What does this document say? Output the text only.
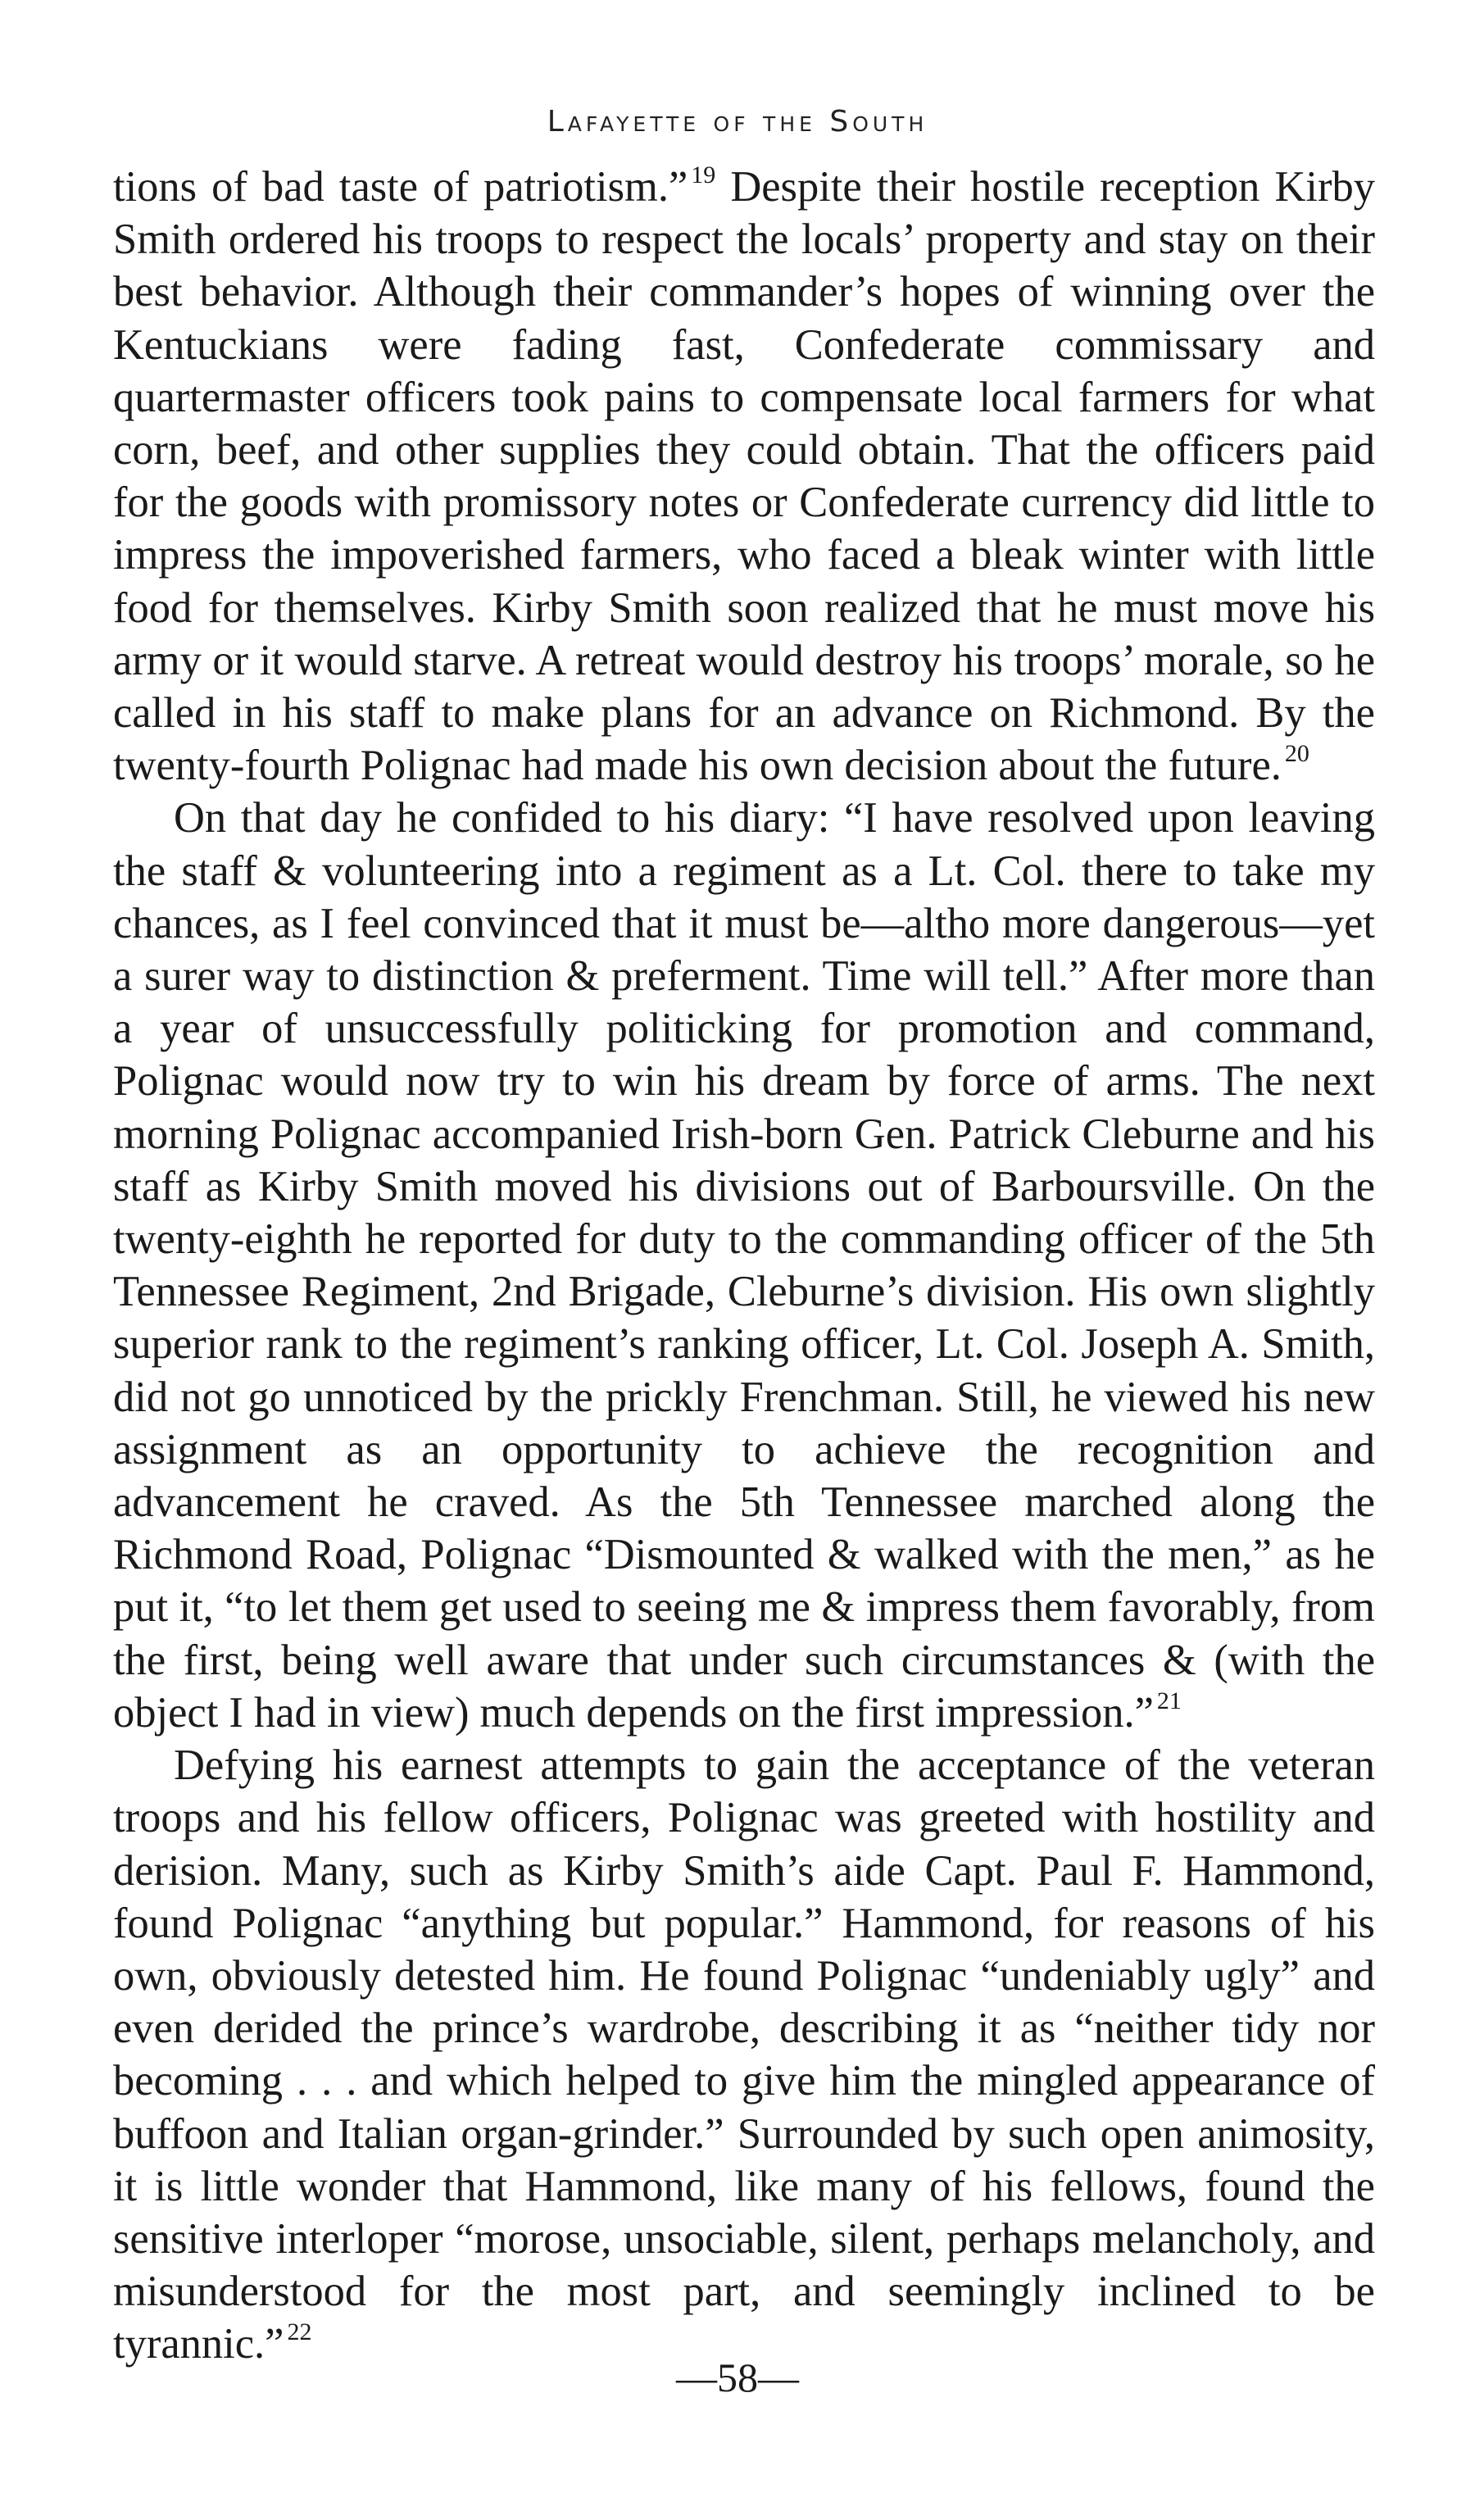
Lafayette of the South

tions of bad taste of patriotism.” $^{19}$ Despite their hostile reception Kirby Smith ordered his troops to respect the locals’ property and stay on their best behavior. Although their commander’s hopes of winning over the Kentuckians were fading fast, Confederate commissary and quartermaster officers took pains to compensate local farmers for what corn, beef, and other supplies they could obtain. That the officers paid for the goods with promissory notes or Confederate currency did little to impress the impoverished farmers, who faced a bleak winter with little food for themselves. Kirby Smith soon realized that he must move his army or it would starve. A retreat would destroy his troops’ morale, so he called in his staff to make plans for an advance on Richmond. By the twenty-fourth Polignac had made his own decision about the future. $^{20}$

On that day he confided to his diary: “I have resolved upon leaving the staff & volunteering into a regiment as a Lt. Col. there to take my chances, as I feel convinced that it must be—altho more dangerous—yet a surer way to distinction & preferment. Time will tell.” After more than a year of unsuccessfully politicking for promotion and command, Polignac would now try to win his dream by force of arms. The next morning Polignac accompanied Irish-born Gen. Patrick Cleburne and his staff as Kirby Smith moved his divisions out of Barboursville. On the twenty-eighth he reported for duty to the commanding officer of the 5th Tennessee Regiment, 2nd Brigade, Cleburne’s division. His own slightly superior rank to the regiment’s ranking officer, Lt. Col. Joseph A. Smith, did not go unnoticed by the prickly Frenchman. Still, he viewed his new assignment as an opportunity to achieve the recognition and advancement he craved. As the 5th Tennessee marched along the Richmond Road, Polignac “Dismounted & walked with the men,” as he put it, “to let them get used to seeing me & impress them favorably, from the first, being well aware that under such circumstances & (with the object I had in view) much depends on the first impression.” $^{21}$

Defying his earnest attempts to gain the acceptance of the veteran troops and his fellow officers, Polignac was greeted with hostility and derision. Many, such as Kirby Smith’s aide Capt. Paul F. Hammond, found Polignac “anything but popular.” Hammond, for reasons of his own, obviously detested him. He found Polignac “undeniably ugly” and even derided the prince’s wardrobe, describing it as “neither tidy nor becoming . . . and which helped to give him the mingled appearance of buffoon and Italian organ-grinder.” Surrounded by such open animosity, it is little wonder that Hammond, like many of his fellows, found the sensitive interloper “morose, unsociable, silent, perhaps melancholy, and misunderstood for the most part, and seemingly inclined to be tyrannic.” $^{22}$

—58—
